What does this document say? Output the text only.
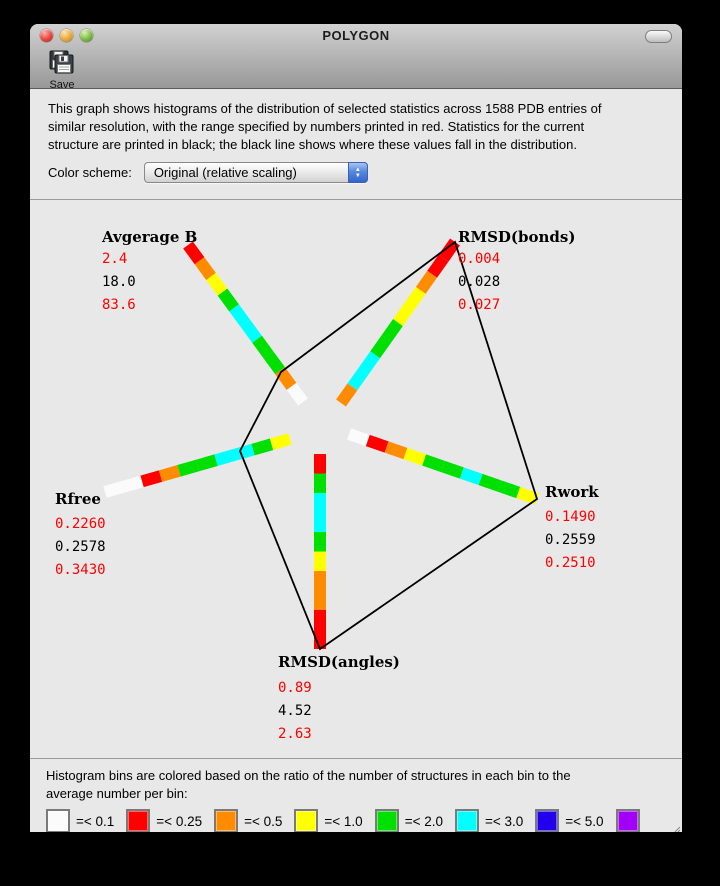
POLYGON
Save
This graph shows histograms of the distribution of selected statistics across 1588 PDB entries of
similar resolution, with the range specified by numbers printed in red. Statistics for the current
structure are printed in black; the black line shows where these values fall in the distribution.
Color scheme: Original (relative scaling)	▲
▼
Avgerage B
2.4
18.0
83.6
RMSD(bonds)
0.004
0.028
0.027
Rwork
0.1490
0.2559
0.2510
RMSD(angles)
0.89
4.52
2.63
Rfree
0.2260
0.2578
0.3430
Histogram bins are colored based on the ratio of the number of structures in each bin to the
average number per bin:
=< 0.1	=< 0.25	=< 0.5	=< 1.0	=< 2.0	=< 3.0	=< 5.0
